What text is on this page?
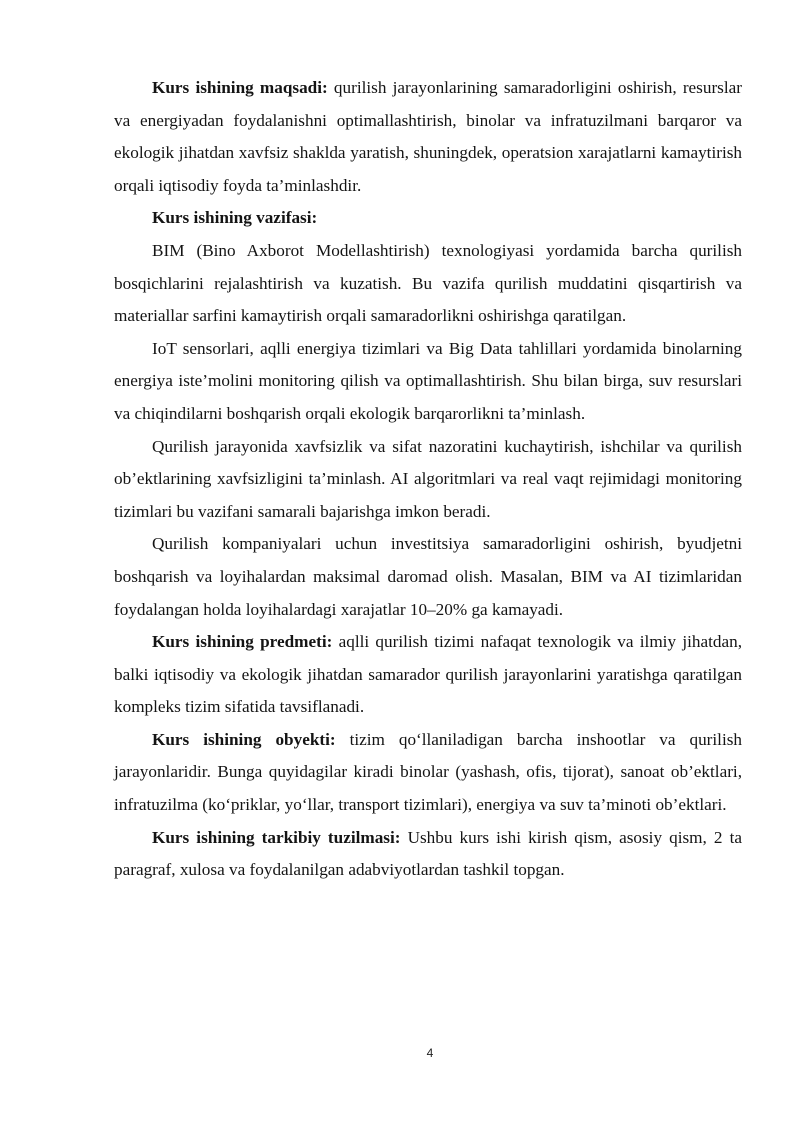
Kurs ishining maqsadi: qurilish jarayonlarining samaradorligini oshirish, resurslar va energiyadan foydalanishni optimallashtirish, binolar va infratuzilmani barqaror va ekologik jihatdan xavfsiz shaklda yaratish, shuningdek, operatsion xarajatlarni kamaytirish orqali iqtisodiy foyda ta’minlashdir.

Kurs ishining vazifasi:

BIM (Bino Axborot Modellashtirish) texnologiyasi yordamida barcha qurilish bosqichlarini rejalashtirish va kuzatish. Bu vazifa qurilish muddatini qisqartirish va materiallar sarfini kamaytirish orqali samaradorlikni oshirishga qaratilgan.

IoT sensorlari, aqlli energiya tizimlari va Big Data tahlillari yordamida binolarning energiya iste’molini monitoring qilish va optimallashtirish. Shu bilan birga, suv resurslari va chiqindilarni boshqarish orqali ekologik barqarorlikni ta’minlash.

Qurilish jarayonida xavfsizlik va sifat nazoratini kuchaytirish, ishchilar va qurilish ob’ektlarining xavfsizligini ta’minlash. AI algoritmlari va real vaqt rejimidagi monitoring tizimlari bu vazifani samarali bajarishga imkon beradi.

Qurilish kompaniyalari uchun investitsiya samaradorligini oshirish, byudjetni boshqarish va loyihalardan maksimal daromad olish. Masalan, BIM va AI tizimlaridan foydalangan holda loyihalardagi xarajatlar 10–20% ga kamayadi.

Kurs ishining predmeti: aqlli qurilish tizimi nafaqat texnologik va ilmiy jihatdan, balki iqtisodiy va ekologik jihatdan samarador qurilish jarayonlarini yaratishga qaratilgan kompleks tizim sifatida tavsiflanadi.

Kurs ishining obyekti: tizim qo‘llaniladigan barcha inshootlar va qurilish jarayonlaridir. Bunga quyidagilar kiradi binolar (yashash, ofis, tijorat), sanoat ob’ektlari, infratuzilma (ko‘priklar, yo‘llar, transport tizimlari), energiya va suv ta’minoti ob’ektlari.

Kurs ishining tarkibiy tuzilmasi: Ushbu kurs ishi kirish qism, asosiy qism, 2 ta paragraf, xulosa va foydalanilgan adabviyotlardan tashkil topgan.

4
